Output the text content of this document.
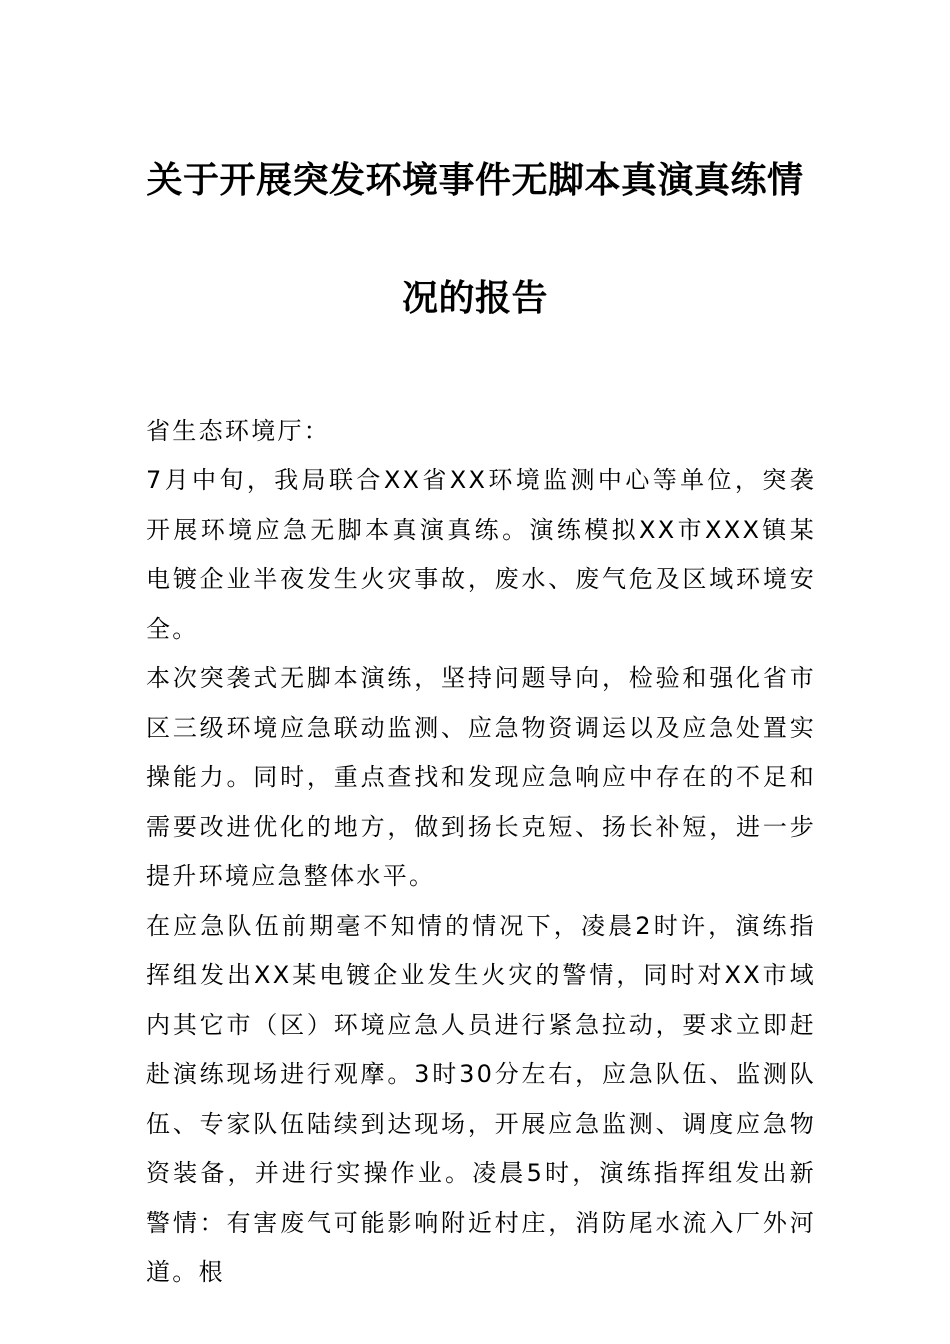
关于开展突发环境事件无脚本真演真练情
况的报告
省生态环境厅：

7月中旬，我局联合XX省XX环境监测中心等单位，突袭开展环境应急无脚本真演真练。演练模拟XX市XXX镇某电镀企业半夜发生火灾事故，废水、废气危及区域环境安全。

本次突袭式无脚本演练，坚持问题导向，检验和强化省市区三级环境应急联动监测、应急物资调运以及应急处置实操能力。同时，重点查找和发现应急响应中存在的不足和需要改进优化的地方，做到扬长克短、扬长补短，进一步提升环境应急整体水平。

在应急队伍前期毫不知情的情况下，凌晨2时许，演练指挥组发出XX某电镀企业发生火灾的警情，同时对XX市域内其它市（区）环境应急人员进行紧急拉动，要求立即赶赴演练现场进行观摩。3时30分左右，应急队伍、监测队伍、专家队伍陆续到达现场，开展应急监测、调度应急物资装备，并进行实操作业。凌晨5时，演练指挥组发出新警情：有害废气可能影响附近村庄，消防尾水流入厂外河道。根
